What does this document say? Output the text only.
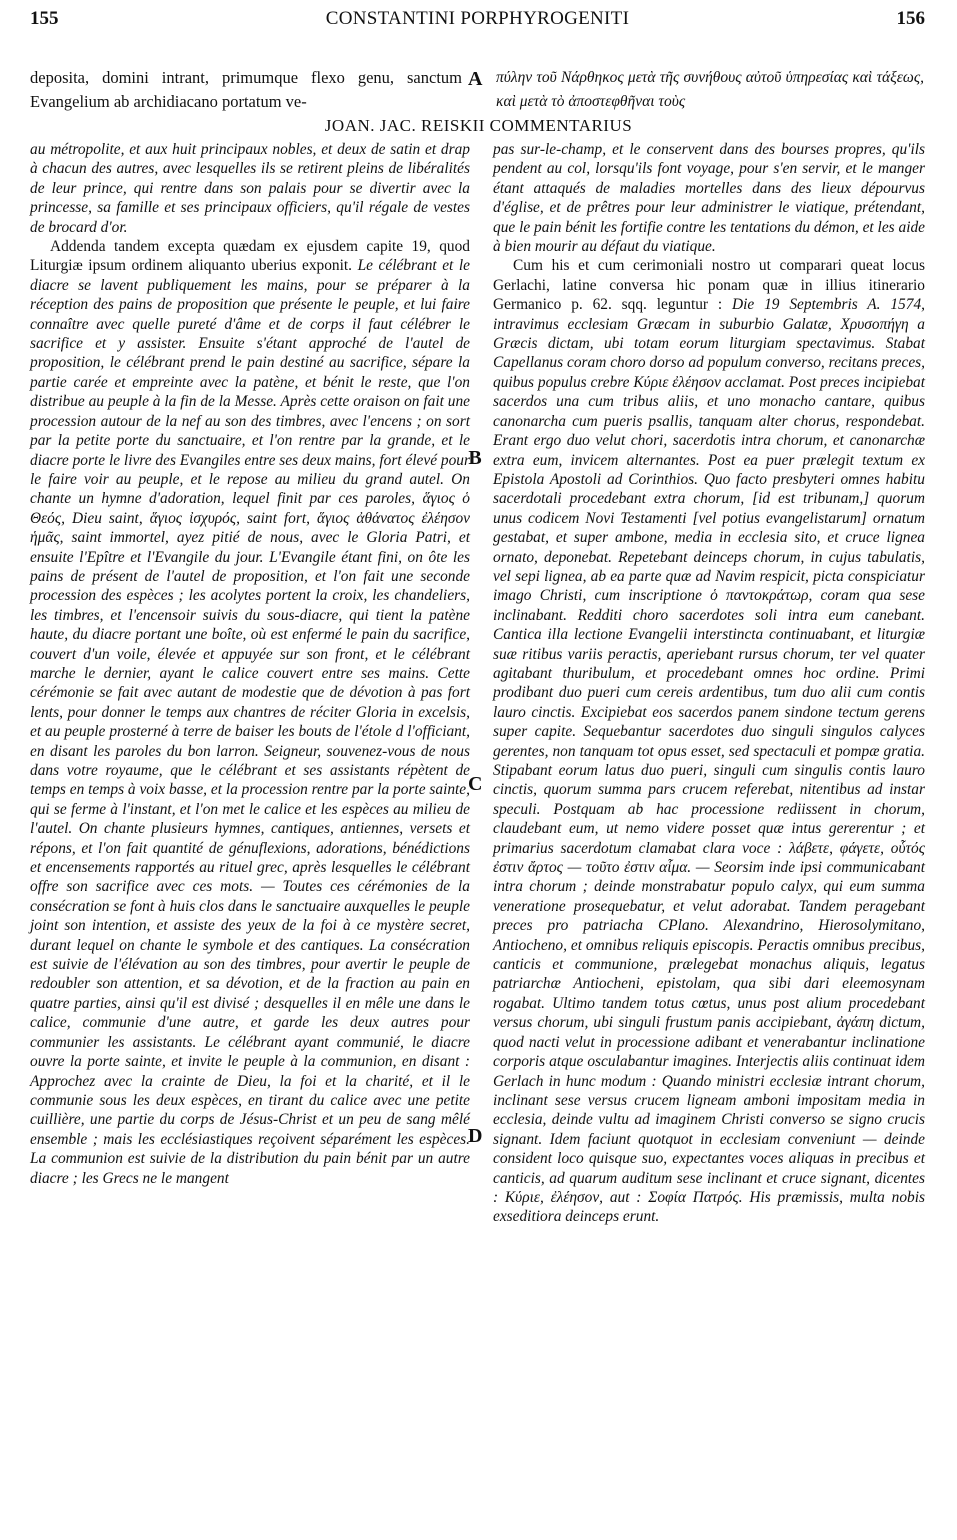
155	CONSTANTINI PORPHYROGENITI	156
deposita, domini intrant, primumque flexo genu, sanctum Evangelium ab archidiacano portatum ve-
A πύλην τοῦ Νάρθηκος μετὰ τῆς συνήθους αὐτοῦ ὑπηρεσίας καὶ τάξεως, καὶ μετὰ τὸ ἀποστεφθῆναι τοὺς
JOAN. JAC. REISKII COMMENTARIUS

au métropolite, et aux huit principaux nobles, et deux de satin et drap à chacun des autres, avec lesquelles ils se retirent pleins de libéralités de leur prince, qui rentre dans son palais pour se divertir avec la princesse, sa famille et ses principaux officiers, qu'il régale de vestes de brocard d'or.

Addenda tandem excepta quædam ex ejusdem capite 19, quod Liturgiæ ipsum ordinem aliquanto uberius exponit. Le célébrant et le diacre se lavent publiquement les mains, pour se préparer à la réception des pains de proposition que présente le peuple, et lui faire connaître avec quelle pureté d'âme et de corps il faut célébrer le sacrifice et y assister. Ensuite s'étant approché de l'autel de proposition, le célébrant prend le pain destiné au sacrifice, sépare la partie carée et empreinte avec la patène, et bénit le reste, que l'on distribue au peuple à la fin de la Messe. Après cette oraison on fait une procession autour de la nef au son des timbres, avec l'encens ; on sort par la petite porte du sanctuaire, et l'on rentre par la grande, et le diacre porte le livre des Evangiles entre ses deux mains, fort élevé pour le faire voir au peuple, et le repose au milieu du grand autel. On chante un hymne d'adoration, lequel finit par ces paroles, ἅγιος ὁ Θεός, Dieu saint, ἅγιος ἰσχυρός, saint fort, ἅγιος ἀθάνατος ἐλέησον ἡμᾶς, saint immortel, ayez pitié de nous, avec le Gloria Patri, et ensuite l'Epître et l'Evangile du jour. L'Evangile étant fini, on ôte les pains de présent de l'autel de proposition, et l'on fait une seconde procession des espèces ; les acolytes portent la croix, les chandeliers, les timbres, et l'encensoir suivis du sous-diacre, qui tient la patène haute, du diacre portant une boîte, où est enfermé le pain du sacrifice, couvert d'un voile, élevée et appuyée sur son front, et le célébrant marche le dernier, ayant le calice couvert entre ses mains. Cette cérémonie se fait avec autant de modestie que de dévotion à pas fort lents, pour donner le temps aux chantres de réciter Gloria in excelsis, et au peuple prosterné à terre de baiser les bouts de l'étole d l'officiant, en disant les paroles du bon larron. Seigneur, souvenez-vous de nous dans votre royaume, que le célébrant et ses assistants répètent de temps en temps à voix basse, et la procession rentre par la porte sainte, qui se ferme à l'instant, et l'on met le calice et les espèces au milieu de l'autel. On chante plusieurs hymnes, cantiques, antiennes, versets et répons, et l'on fait quantité de génuflexions, adorations, bénédictions et encensements rapportés au rituel grec, après lesquelles le célébrant offre son sacrifice avec ces mots. — Toutes ces cérémonies de la consécration se font à huis clos dans le sanctuaire auxquelles le peuple joint son intention, et assiste des yeux de la foi à ce mystère secret, durant lequel on chante le symbole et des cantiques. La consécration est suivie de l'élévation au son des timbres, pour avertir le peuple de redoubler son attention, et sa dévotion, et de la fraction au pain en quatre parties, ainsi qu'il est divisé ; desquelles il en mêle une dans le calice, communie d'une autre, et garde les deux autres pour communier les assistants. Le célébrant ayant communié, le diacre ouvre la porte sainte, et invite le peuple à la communion, en disant : Approchez avec la crainte de Dieu, la foi et la charité, et il le communie sous les deux espèces, en tirant du calice avec une petite cuillière, une partie du corps de Jésus-Christ et un peu de sang mêlé ensemble ; mais les ecclésiastiques reçoivent séparément les espèces. La communion est suivie de la distribution du pain bénit par un autre diacre ; les Grecs ne le mangent

B
C
D

pas sur-le-champ, et le conservent dans des bourses propres, qu'ils pendent au col, lorsqu'ils font voyage, pour s'en servir, et le manger étant attaqués de maladies mortelles dans des lieux dépourvus d'église, et de prêtres pour leur administrer le viatique, prétendant, que le pain bénit les fortifie contre les tentations du démon, et les aide à bien mourir au défaut du viatique.

Cum his et cum cerimoniali nostro ut comparari queat locus Gerlachi, latine conversa hic ponam quæ in illius itinerario Germanico p. 62. sqq. leguntur : Die 19 Septembris A. 1574, intravimus ecclesiam Græcam in suburbio Galatæ, Χρυσοπήγη a Græcis dictam, ubi totam eorum liturgiam spectavimus. Stabat Capellanus coram choro dorso ad populum converso, recitans preces, quibus populus crebre Κύριε ἐλέησον acclamat. Post preces incipiebat sacerdos una cum tribus aliis, et uno monacho cantare, quibus canonarcha cum pueris psallis, tanquam alter chorus, respondebat. Erant ergo duo velut chori, sacerdotis intra chorum, et canonarchæ extra eum, invicem alternantes. Post ea puer prælegit textum ex Epistola Apostoli ad Corinthios. Quo facto presbyteri omnes habitu sacerdotali procedebant extra chorum, [id est tribunam,] quorum unus codicem Novi Testamenti [vel potius evangelistarum] ornatum gestabat, et super ambone, media in ecclesia sito, et cruce lignea ornato, deponebat. Repetebant deinceps chorum, in cujus tabulatis, vel sepi lignea, ab ea parte quæ ad Navim respicit, picta conspiciatur imago Christi, cum inscriptione ὁ παντοκράτωρ, coram qua sese inclinabant. Redditi choro sacerdotes soli intra eum canebant. Cantica illa lectione Evangelii interstincta continuabant, et liturgiæ suæ ritibus variis peractis, aperiebant rursus chorum, ter vel quater agitabant thuribulum, et procedebant omnes hoc ordine. Primi prodibant duo pueri cum cereis ardentibus, tum duo alii cum contis lauro cinctis. Excipiebat eos sacerdos panem sindone tectum gerens super capite. Sequebantur sacerdotes duo singuli singulos calyces gerentes, non tanquam tot opus esset, sed spectaculi et pompæ gratia. Stipabant eorum latus duo pueri, singuli cum singulis contis lauro cinctis, quorum summa pars crucem referebat, nitentibus ad instar speculi. Postquam ab hac processione rediissent in chorum, claudebant eum, ut nemo videre posset quæ intus gererentur ; et primarius sacerdotum clamabat clara voce : λάβετε, φάγετε, οὗτός ἐστιν ἄρτος — τοῦτο ἐστιν αἷμα. — Seorsim inde ipsi communicabant intra chorum ; deinde monstrabatur populo calyx, qui eum summa veneratione prosequebatur, et velut adorabat. Tandem peragebant preces pro patriacha CPlano. Alexandrino, Hierosolymitano, Antiocheno, et omnibus reliquis episcopis. Peractis omnibus precibus, canticis et communione, prælegebat monachus aliquis, legatus patriarchæ Antiocheni, epistolam, qua sibi dari eleemosynam rogabat. Ultimo tandem totus cœtus, unus post alium procedebant versus chorum, ubi singuli frustum panis accipiebant, ἀγάπη dictum, quod nacti velut in processione adibant et venerabantur inclinatione corporis atque osculabantur imagines. Interjectis aliis continuat idem Gerlach in hunc modum : Quando ministri ecclesiæ intrant chorum, inclinant sese versus crucem ligneam amboni impositam media in ecclesia, deinde vultu ad imaginem Christi converso se signo crucis signant. Idem faciunt quotquot in ecclesiam conveniunt — deinde consident loco quisque suo, expectantes voces aliquas in precibus et canticis, ad quarum auditum sese inclinant et cruce signant, dicentes : Κύριε, ἐλέησον, aut : Σοφία Πατρός. His præmissis, multa nobis exseditiora deinceps erunt.
